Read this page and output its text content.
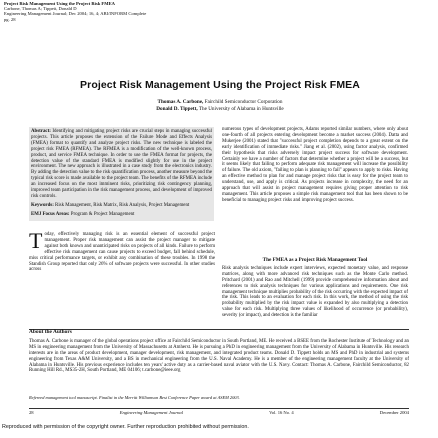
Project Risk Management Using the Project Risk FMEA
Carbone, Thomas A; Tippett, Donald D
Engineering Management Journal; Dec 2004; 16, 4; ABI/INFORM Complete
pg. 28
Project Risk Management Using the Project Risk FMEA
Thomas A. Carbone, Fairchild Semiconductor Corporation
Donald D. Tippett, The University of Alabama in Huntsville
Abstract: Identifying and mitigating project risks are crucial steps in managing successful projects. This article proposes the extension of the Failure Mode and Effects Analysis (FMEA) format to quantify and analyze project risks. The new technique is labeled the project risk FMEA (RFMEA). The RFMEA is a modification of the well-known process, product, and service FMEA technique. In order to use the FMEA format for projects, the detection value of the standard FMEA is modified slightly for use in the project environment. The new approach is illustrated in a case study from the electronics industry. By adding the detection value to the risk quantification process, another measure beyond the typical risk score is made available to the project team. The benefits of the RFMEA include an increased focus on the most imminent risks, prioritizing risk contingency planning, improved team participation in the risk management process, and development of improved risk controls.
Keywords: Risk Management, Risk Matrix, Risk Analysis, Project Management
EMJ Focus Areas: Program & Project Management
Today, effectively managing risk is an essential element of successful project management. Proper risk management can assist the project manager to mitigate against both known and unanticipated risks on projects of all kinds. Failure to perform effective risk management can cause projects to exceed budget, fall behind schedule, miss critical performance targets, or exhibit any combination of these troubles. In 1998 the Standish Group reported that only 26% of software projects were successful. In other studies across
numerous types of development projects, Adams reported similar numbers, where only about one-fourth of all projects entering development become a market success (2004). Datta and Mukerjee (2001) stated that "successful project completion depends to a great extent on the early identification of immediate risks." Jiang et al. (2002), using factor analysis, confirmed their hypothesis that risks adversely impact project success for software development. Certainly we have a number of factors that determine whether a project will be a success, but it seems likely that failing to perform adequate risk management will increase the possibility of failure. The old axiom, "failing to plan is planning to fail" appears to apply to risks. Having an effective method to plan for and manage project risks that is easy for the project team to understand, use, and apply is critical. As projects increase in complexity, the need for an approach that will assist in project management requires giving proper attention to risk management. This article proposes a simple risk management tool that has been shown to be beneficial to managing project risks and improving project success.
The FMEA as a Project Risk Management Tool
Risk analysis techniques include expert interviews, expected monetary value, and response matrices, along with more advanced risk techniques such as the Monte Carlo method. Pritchard (2001) and Rao and Mitchell (1999) provide comprehensive information about and references to risk analysis techniques for various applications and requirements. One risk management technique multiplies probability of the risk occurring with the expected impact of the risk. This leads to an evaluation for each risk. In this work, the method of using the risk probability multiplied by the risk impact value is expanded by also multiplying a detection value for each risk. Multiplying three values of likelihood of occurrence (or probability), severity (or impact), and detection is the familiar
About the Authors
Thomas A. Carbone is manager of the global operations project office at Fairchild Semiconductor in South Portland, ME. He received a BSEE from the Rochester Institute of Technology and an MS in engineering management from the University of Massachusetts at Amherst. He is pursuing a PhD in engineering management from the University of Alabama in Huntsville. His research interests are in the areas of product development, manager development, risk management, and integrated product teams. Donald D. Tippett holds an MS and PhD in industrial and systems engineering from Texas A&M University, and a BS in mechanical engineering from the U.S. Naval Academy. He is a member of the engineering management faculty at the University of Alabama in Huntsville. His previous experience includes ten years' active duty as a carrier-based naval aviator with the U.S. Navy. Contact: Thomas A. Carbone, Fairchild Semiconductor, 82 Running Hill Rd., MS35-2H, South Portland, ME 04106; t.carbone@ieee.org
Refereed management tool manuscript. Finalist in the Merritt Williamson Best Conference Paper award at ASEM 2003.
28	Engineering Management Journal	Vol. 16 No. 4	December 2004
Reproduced with permission of the copyright owner. Further reproduction prohibited without permission.
